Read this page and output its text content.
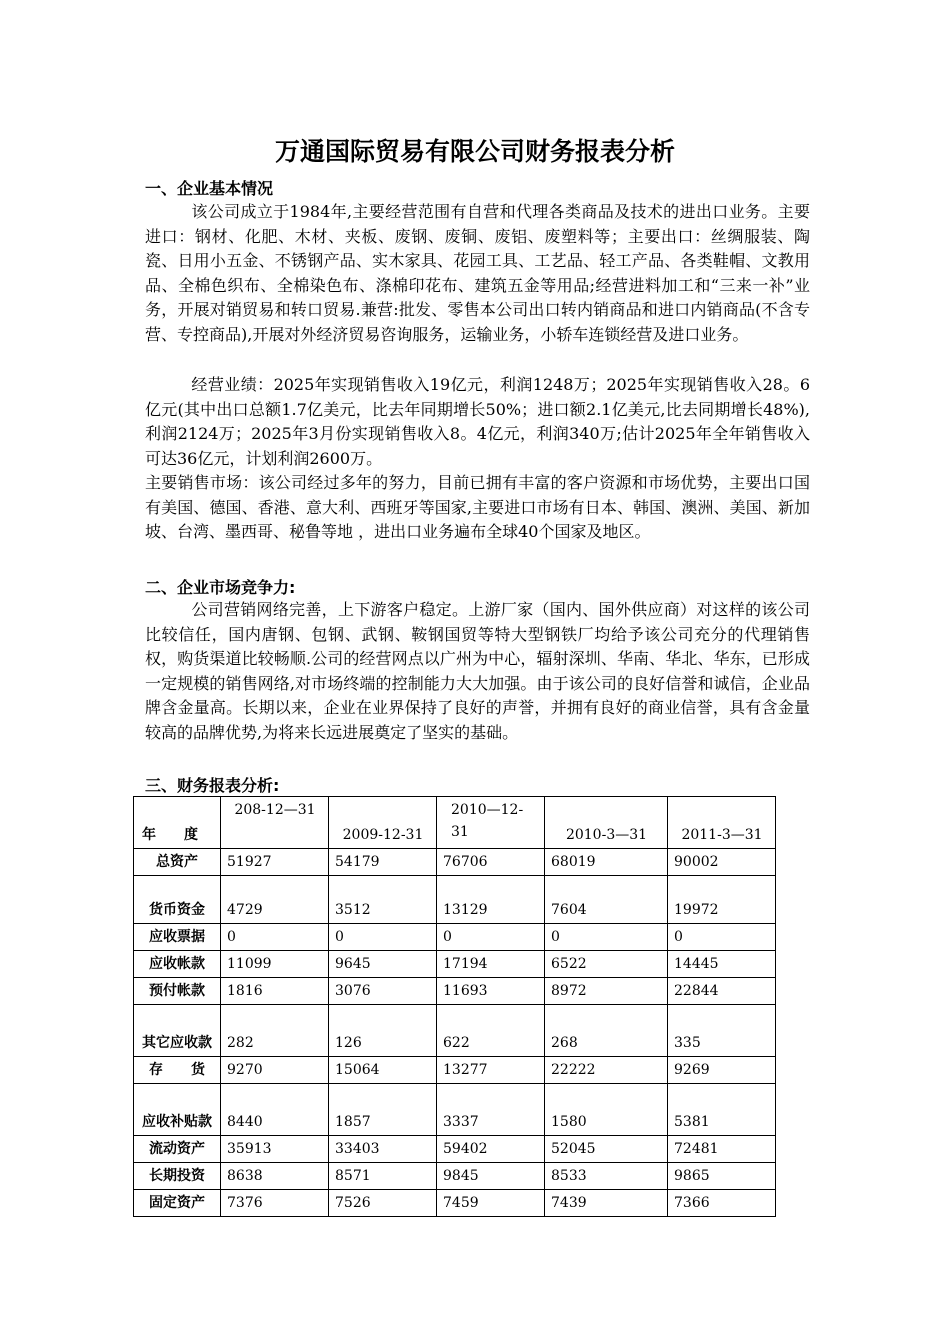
万通国际贸易有限公司财务报表分析
一、企业基本情况
该公司成立于1984年,主要经营范围有自营和代理各类商品及技术的进出口业务。主要进口：钢材、化肥、木材、夹板、废钢、废铜、废铝、废塑料等；主要出口：丝绸服装、陶瓷、日用小五金、不锈钢产品、实木家具、花园工具、工艺品、轻工产品、各类鞋帽、文教用品、全棉色织布、全棉染色布、涤棉印花布、建筑五金等用品;经营进料加工和“三来一补”业务，开展对销贸易和转口贸易.兼营:批发、零售本公司出口转内销商品和进口内销商品(不含专营、专控商品),开展对外经济贸易咨询服务，运输业务，小轿车连锁经营及进口业务。
经营业绩：2025年实现销售收入19亿元，利润1248万；2025年实现销售收入28。6亿元(其中出口总额1.7亿美元，比去年同期增长50%；进口额2.1亿美元,比去同期增长48%),利润2124万；2025年3月份实现销售收入8。4亿元，利润340万;估计2025年全年销售收入可达36亿元，计划利润2600万。
主要销售市场：该公司经过多年的努力，目前已拥有丰富的客户资源和市场优势，主要出口国有美国、德国、香港、意大利、西班牙等国家,主要进口市场有日本、韩国、澳洲、美国、新加坡、台湾、墨西哥、秘鲁等地 ，进出口业务遍布全球40个国家及地区。
二、企业市场竞争力:
公司营销网络完善，上下游客户稳定。上游厂家（国内、国外供应商）对这样的该公司比较信任，国内唐钢、包钢、武钢、鞍钢国贸等特大型钢铁厂均给予该公司充分的代理销售权，购货渠道比较畅顺.公司的经营网点以广州为中心，辐射深圳、华南、华北、华东，已形成一定规模的销售网络,对市场终端的控制能力大大加强。由于该公司的良好信誉和诚信，企业品牌含金量高。长期以来，企业在业界保持了良好的声誉，并拥有良好的商业信誉，具有含金量较高的品牌优势,为将来长远进展奠定了坚实的基础。
三、财务报表分析:
年　　度	208-12—31	2009-12-31	2010—12-31	2010-3—31	2011-3—31
总资产	51927	54179	76706	68019	90002
货币资金	4729	3512	13129	7604	19972
应收票据	0	0	0	0	0
应收帐款	11099	9645	17194	6522	14445
预付帐款	1816	3076	11693	8972	22844
其它应收款	282	126	622	268	335
存　　货	9270	15064	13277	22222	9269
应收补贴款	8440	1857	3337	1580	5381
流动资产	35913	33403	59402	52045	72481
长期投资	8638	8571	9845	8533	9865
固定资产	7376	7526	7459	7439	7366
